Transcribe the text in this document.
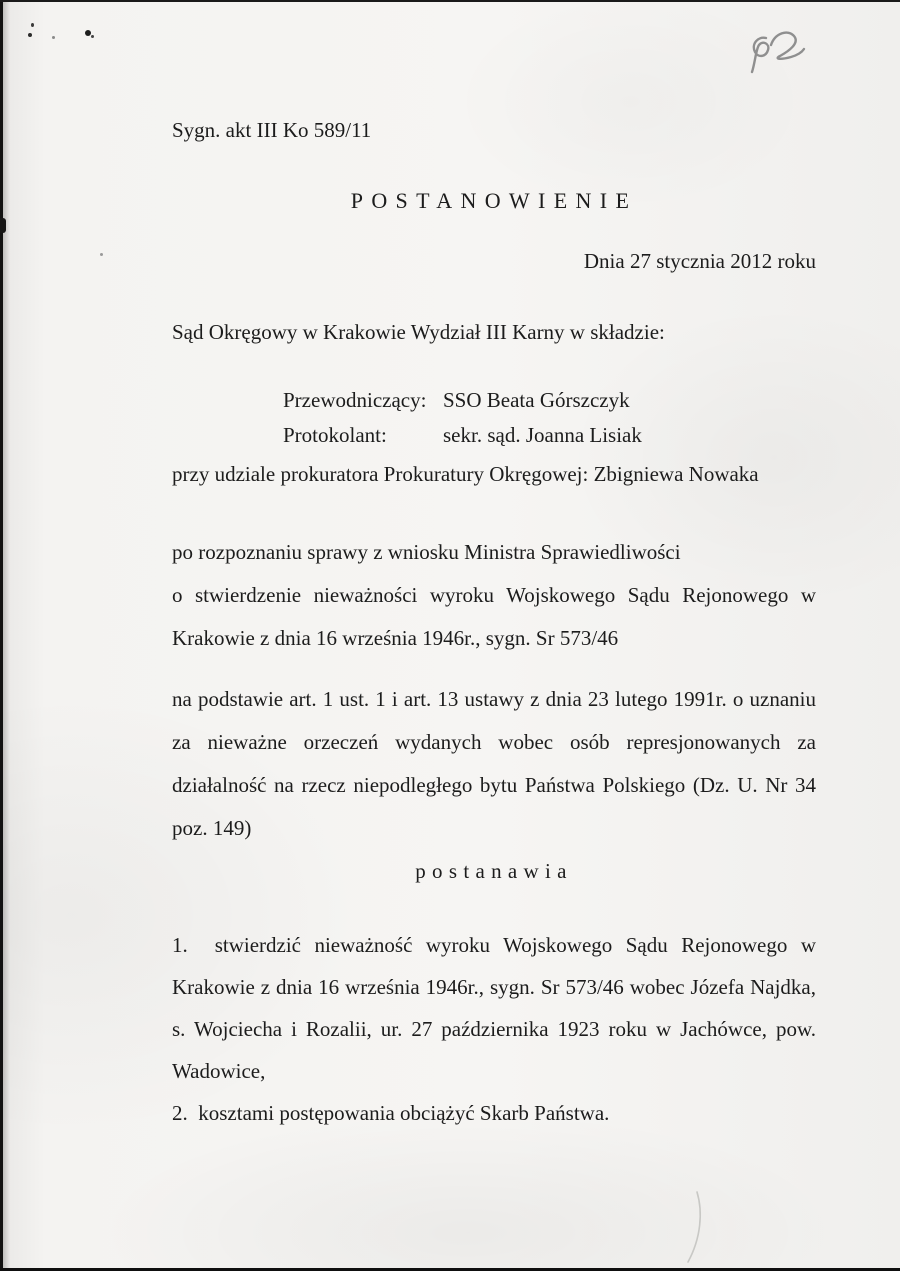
Sygn. akt III Ko 589/11
POSTANOWIENIE
Dnia 27 stycznia 2012 roku
Sąd Okręgowy w Krakowie Wydział III Karny w składzie:
Przewodniczący: SSO Beata Górszczyk
Protokolant:	sekr. sąd. Joanna Lisiak
przy udziale prokuratora Prokuratury Okręgowej: Zbigniewa Nowaka
po rozpoznaniu sprawy z wniosku Ministra Sprawiedliwości
o stwierdzenie nieważności wyroku Wojskowego Sądu Rejonowego w
Krakowie z dnia 16 września 1946r., sygn. Sr 573/46
na podstawie art. 1 ust. 1 i art. 13 ustawy z dnia 23 lutego 1991r. o uznaniu
za nieważne orzeczeń wydanych wobec osób represjonowanych za
działalność na rzecz niepodległego bytu Państwa Polskiego (Dz. U. Nr 34
poz. 149)
postanawia
1.  stwierdzić nieważność wyroku Wojskowego Sądu Rejonowego w
Krakowie z dnia 16 września 1946r., sygn. Sr 573/46 wobec Józefa Najdka,
s. Wojciecha i Rozalii, ur. 27 października 1923 roku w Jachówce, pow.
Wadowice,
2.  kosztami postępowania obciążyć Skarb Państwa.
